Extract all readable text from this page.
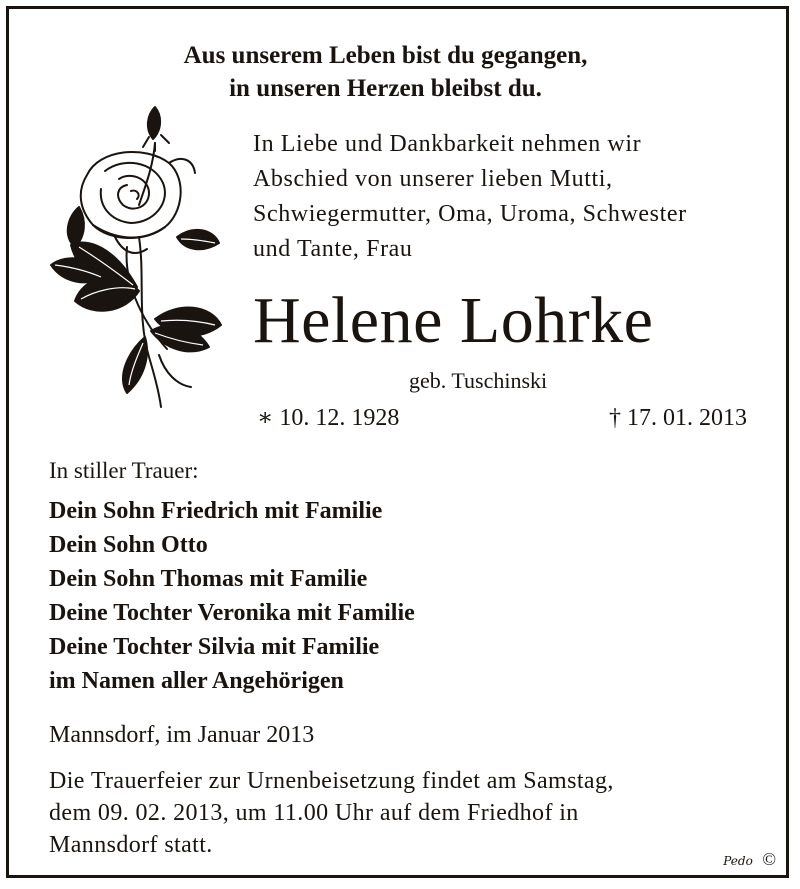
Aus unserem Leben bist du gegangen,
in unseren Herzen bleibst du.
In Liebe und Dankbarkeit nehmen wir
Abschied von unserer lieben Mutti,
Schwiegermutter, Oma, Uroma, Schwester
und Tante, Frau
Helene Lohrke
geb. Tuschinski
∗ 10. 12. 1928	† 17. 01. 2013
In stiller Trauer:
Dein Sohn Friedrich mit Familie
Dein Sohn Otto
Dein Sohn Thomas mit Familie
Deine Tochter Veronika mit Familie
Deine Tochter Silvia mit Familie
im Namen aller Angehörigen
Mannsdorf, im Januar 2013
Die Trauerfeier zur Urnenbeisetzung findet am Samstag,
dem 09. 02. 2013, um 11.00 Uhr auf dem Friedhof in
Mannsdorf statt.
Pedo ©
